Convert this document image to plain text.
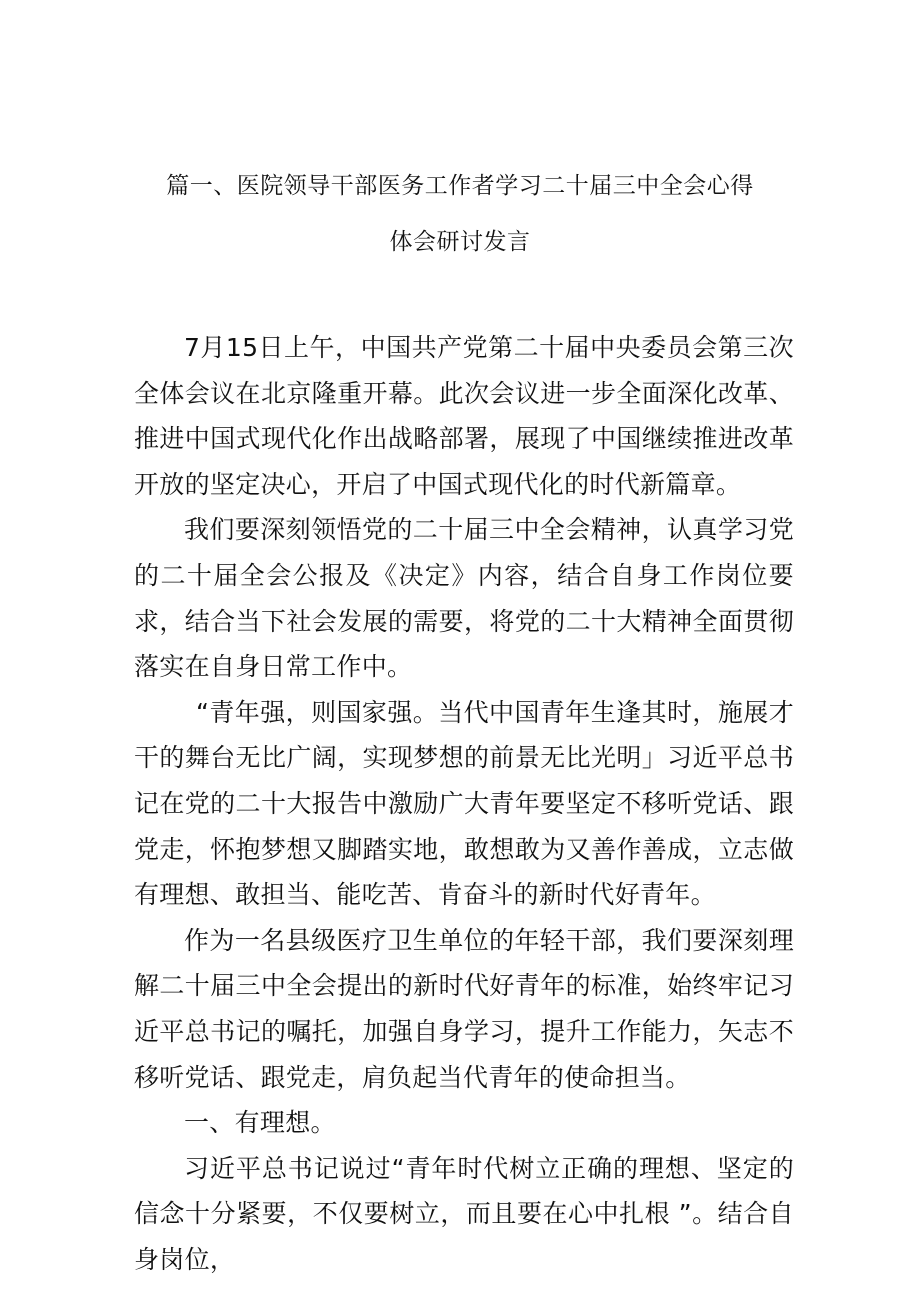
篇一、医院领导干部医务工作者学习二十届三中全会心得
体会研讨发言

7月15日上午，中国共产党第二十届中央委员会第三次全体会议在北京隆重开幕。此次会议进一步全面深化改革、推进中国式现代化作出战略部署，展现了中国继续推进改革开放的坚定决心，开启了中国式现代化的时代新篇章。

我们要深刻领悟党的二十届三中全会精神，认真学习党的二十届全会公报及《决定》内容，结合自身工作岗位要求，结合当下社会发展的需要，将党的二十大精神全面贯彻落实在自身日常工作中。

“青年强，则国家强。当代中国青年生逢其时，施展才干的舞台无比广阔，实现梦想的前景无比光明」习近平总书记在党的二十大报告中激励广大青年要坚定不移听党话、跟党走，怀抱梦想又脚踏实地，敢想敢为又善作善成，立志做有理想、敢担当、能吃苦、肯奋斗的新时代好青年。

作为一名县级医疗卫生单位的年轻干部，我们要深刻理解二十届三中全会提出的新时代好青年的标准，始终牢记习近平总书记的嘱托，加强自身学习，提升工作能力，矢志不移听党话、跟党走，肩负起当代青年的使命担当。

一、有理想。

习近平总书记说过“青年时代树立正确的理想、坚定的信念十分紧要，不仅要树立，而且要在心中扎根 ”。结合自身岗位，
